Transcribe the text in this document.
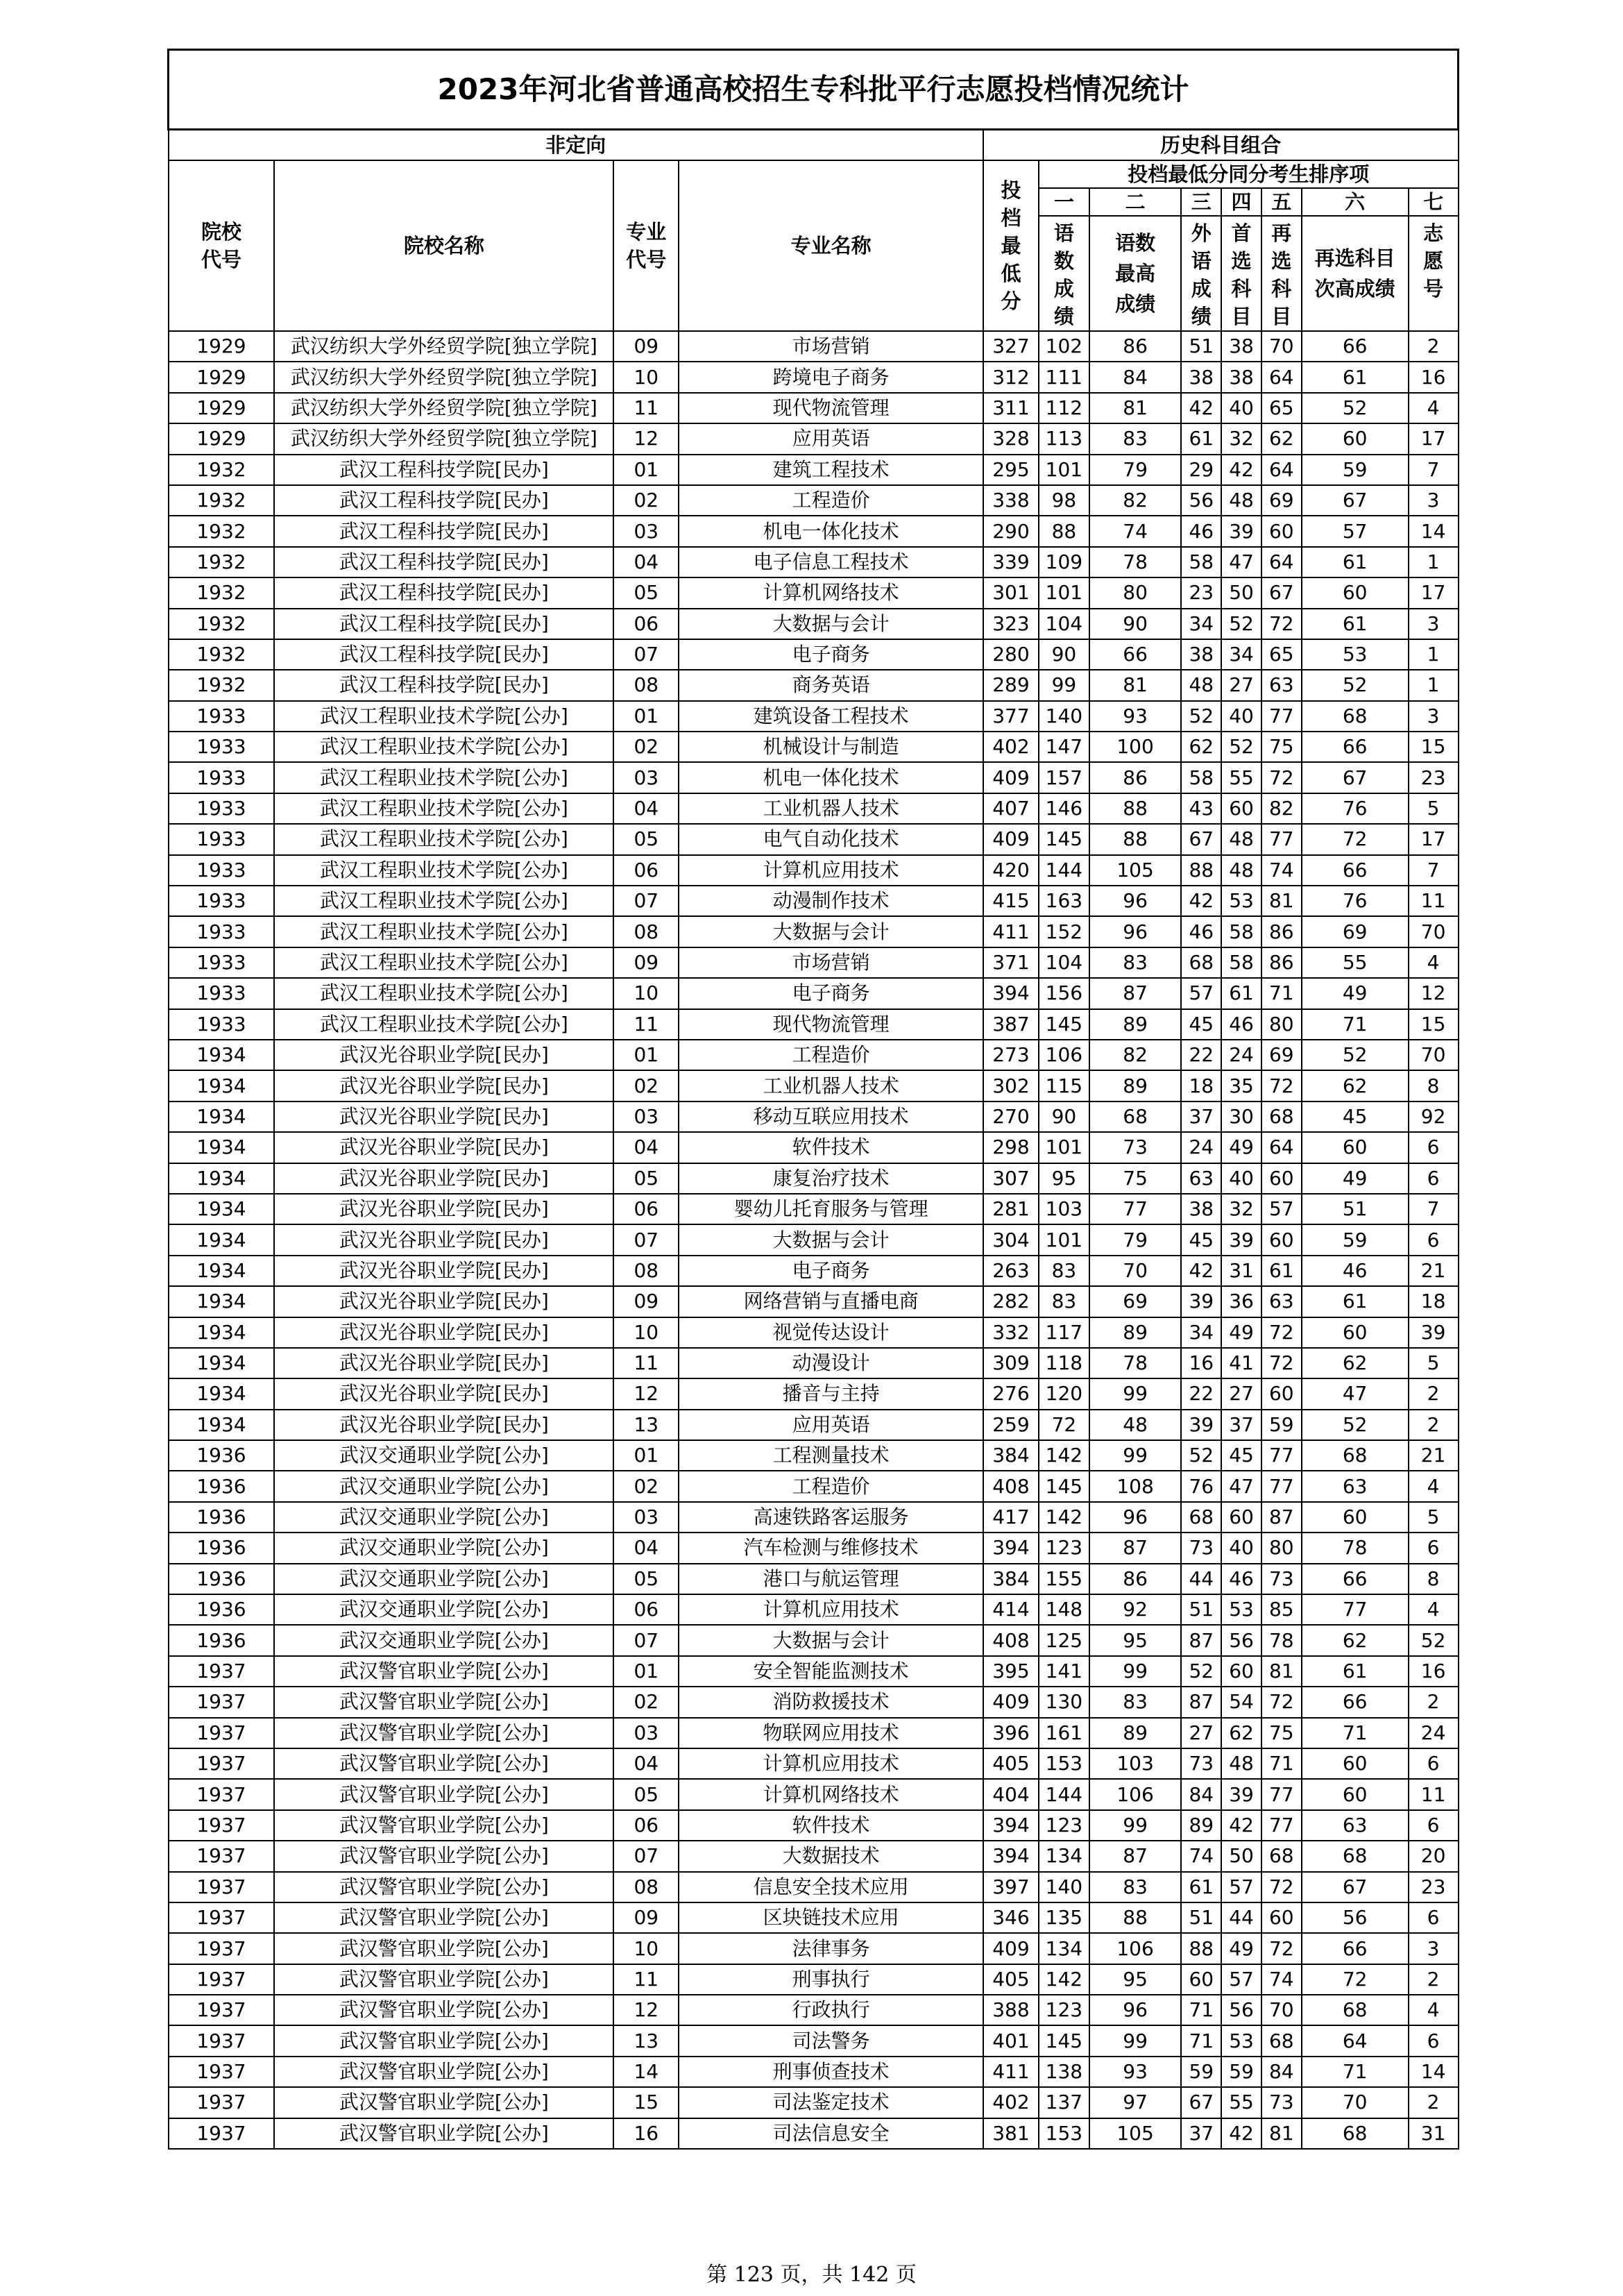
2023年河北省普通高校招生专科批平行志愿投档情况统计											
非定向				历史科目组合							

院校代号	院校名称	专业代号	专业名称	投档最低分	投档最低分同分考生排序项						
					一	二	三	四	五	六	七

					语数成绩	语数最高成绩	外语成绩	首选科目	再选科目	再选科目次高成绩	志愿号

1929	武汉纺织大学外经贸学院[独立学院]	09	市场营销	327	102	86	51	38	70	66	2
1929	武汉纺织大学外经贸学院[独立学院]	10	跨境电子商务	312	111	84	38	38	64	61	16
1929	武汉纺织大学外经贸学院[独立学院]	11	现代物流管理	311	112	81	42	40	65	52	4
1929	武汉纺织大学外经贸学院[独立学院]	12	应用英语	328	113	83	61	32	62	60	17
1932	武汉工程科技学院[民办]	01	建筑工程技术	295	101	79	29	42	64	59	7
1932	武汉工程科技学院[民办]	02	工程造价	338	98	82	56	48	69	67	3
1932	武汉工程科技学院[民办]	03	机电一体化技术	290	88	74	46	39	60	57	14
1932	武汉工程科技学院[民办]	04	电子信息工程技术	339	109	78	58	47	64	61	1
1932	武汉工程科技学院[民办]	05	计算机网络技术	301	101	80	23	50	67	60	17
1932	武汉工程科技学院[民办]	06	大数据与会计	323	104	90	34	52	72	61	3
1932	武汉工程科技学院[民办]	07	电子商务	280	90	66	38	34	65	53	1
1932	武汉工程科技学院[民办]	08	商务英语	289	99	81	48	27	63	52	1
1933	武汉工程职业技术学院[公办]	01	建筑设备工程技术	377	140	93	52	40	77	68	3
1933	武汉工程职业技术学院[公办]	02	机械设计与制造	402	147	100	62	52	75	66	15
1933	武汉工程职业技术学院[公办]	03	机电一体化技术	409	157	86	58	55	72	67	23
1933	武汉工程职业技术学院[公办]	04	工业机器人技术	407	146	88	43	60	82	76	5
1933	武汉工程职业技术学院[公办]	05	电气自动化技术	409	145	88	67	48	77	72	17
1933	武汉工程职业技术学院[公办]	06	计算机应用技术	420	144	105	88	48	74	66	7
1933	武汉工程职业技术学院[公办]	07	动漫制作技术	415	163	96	42	53	81	76	11
1933	武汉工程职业技术学院[公办]	08	大数据与会计	411	152	96	46	58	86	69	70
1933	武汉工程职业技术学院[公办]	09	市场营销	371	104	83	68	58	86	55	4
1933	武汉工程职业技术学院[公办]	10	电子商务	394	156	87	57	61	71	49	12
1933	武汉工程职业技术学院[公办]	11	现代物流管理	387	145	89	45	46	80	71	15
1934	武汉光谷职业学院[民办]	01	工程造价	273	106	82	22	24	69	52	70
1934	武汉光谷职业学院[民办]	02	工业机器人技术	302	115	89	18	35	72	62	8
1934	武汉光谷职业学院[民办]	03	移动互联应用技术	270	90	68	37	30	68	45	92
1934	武汉光谷职业学院[民办]	04	软件技术	298	101	73	24	49	64	60	6
1934	武汉光谷职业学院[民办]	05	康复治疗技术	307	95	75	63	40	60	49	6
1934	武汉光谷职业学院[民办]	06	婴幼儿托育服务与管理	281	103	77	38	32	57	51	7
1934	武汉光谷职业学院[民办]	07	大数据与会计	304	101	79	45	39	60	59	6
1934	武汉光谷职业学院[民办]	08	电子商务	263	83	70	42	31	61	46	21
1934	武汉光谷职业学院[民办]	09	网络营销与直播电商	282	83	69	39	36	63	61	18
1934	武汉光谷职业学院[民办]	10	视觉传达设计	332	117	89	34	49	72	60	39
1934	武汉光谷职业学院[民办]	11	动漫设计	309	118	78	16	41	72	62	5
1934	武汉光谷职业学院[民办]	12	播音与主持	276	120	99	22	27	60	47	2
1934	武汉光谷职业学院[民办]	13	应用英语	259	72	48	39	37	59	52	2
1936	武汉交通职业学院[公办]	01	工程测量技术	384	142	99	52	45	77	68	21
1936	武汉交通职业学院[公办]	02	工程造价	408	145	108	76	47	77	63	4
1936	武汉交通职业学院[公办]	03	高速铁路客运服务	417	142	96	68	60	87	60	5
1936	武汉交通职业学院[公办]	04	汽车检测与维修技术	394	123	87	73	40	80	78	6
1936	武汉交通职业学院[公办]	05	港口与航运管理	384	155	86	44	46	73	66	8
1936	武汉交通职业学院[公办]	06	计算机应用技术	414	148	92	51	53	85	77	4
1936	武汉交通职业学院[公办]	07	大数据与会计	408	125	95	87	56	78	62	52
1937	武汉警官职业学院[公办]	01	安全智能监测技术	395	141	99	52	60	81	61	16
1937	武汉警官职业学院[公办]	02	消防救援技术	409	130	83	87	54	72	66	2
1937	武汉警官职业学院[公办]	03	物联网应用技术	396	161	89	27	62	75	71	24
1937	武汉警官职业学院[公办]	04	计算机应用技术	405	153	103	73	48	71	60	6
1937	武汉警官职业学院[公办]	05	计算机网络技术	404	144	106	84	39	77	60	11
1937	武汉警官职业学院[公办]	06	软件技术	394	123	99	89	42	77	63	6
1937	武汉警官职业学院[公办]	07	大数据技术	394	134	87	74	50	68	68	20
1937	武汉警官职业学院[公办]	08	信息安全技术应用	397	140	83	61	57	72	67	23
1937	武汉警官职业学院[公办]	09	区块链技术应用	346	135	88	51	44	60	56	6
1937	武汉警官职业学院[公办]	10	法律事务	409	134	106	88	49	72	66	3
1937	武汉警官职业学院[公办]	11	刑事执行	405	142	95	60	57	74	72	2
1937	武汉警官职业学院[公办]	12	行政执行	388	123	96	71	56	70	68	4
1937	武汉警官职业学院[公办]	13	司法警务	401	145	99	71	53	68	64	6
1937	武汉警官职业学院[公办]	14	刑事侦查技术	411	138	93	59	59	84	71	14
1937	武汉警官职业学院[公办]	15	司法鉴定技术	402	137	97	67	55	73	70	2
1937	武汉警官职业学院[公办]	16	司法信息安全	381	153	105	37	42	81	68	31
第 123 页，共 142 页
